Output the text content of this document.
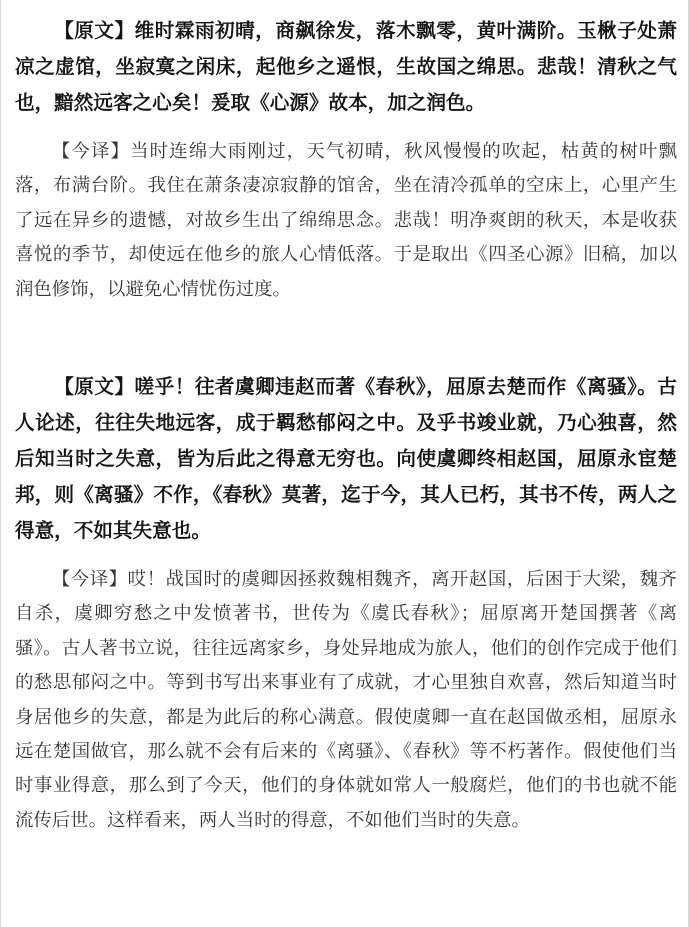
【原文】维时霖雨初晴，商飙徐发，落木飘零，黄叶满阶。玉楸子处萧凉之虚馆，坐寂寞之闲床，起他乡之遥恨，生故国之绵思。悲哉！清秋之气也，黯然远客之心矣！爰取《心源》故本，加之润色。

【今译】当时连绵大雨刚过，天气初晴，秋风慢慢的吹起，枯黄的树叶飘落，布满台阶。我住在萧条凄凉寂静的馆舍，坐在清冷孤单的空床上，心里产生了远在异乡的遗憾，对故乡生出了绵绵思念。悲哉！明净爽朗的秋天，本是收获喜悦的季节，却使远在他乡的旅人心情低落。于是取出《四圣心源》旧稿，加以润色修饰，以避免心情忧伤过度。

【原文】嗟乎！往者虞卿违赵而著《春秋》，屈原去楚而作《离骚》。古人论述，往往失地远客，成于羁愁郁闷之中。及乎书竣业就，乃心独喜，然后知当时之失意，皆为后此之得意无穷也。向使虞卿终相赵国，屈原永宦楚邦，则《离骚》不作，《春秋》莫著，迄于今，其人已朽，其书不传，两人之得意，不如其失意也。

【今译】哎！战国时的虞卿因拯救魏相魏齐，离开赵国，后困于大梁，魏齐自杀，虞卿穷愁之中发愤著书，世传为《虞氏春秋》；屈原离开楚国撰著《离骚》。古人著书立说，往往远离家乡，身处异地成为旅人，他们的创作完成于他们的愁思郁闷之中。等到书写出来事业有了成就，才心里独自欢喜，然后知道当时身居他乡的失意，都是为此后的称心满意。假使虞卿一直在赵国做丞相，屈原永远在楚国做官，那么就不会有后来的《离骚》、《春秋》等不朽著作。假使他们当时事业得意，那么到了今天，他们的身体就如常人一般腐烂，他们的书也就不能流传后世。这样看来，两人当时的得意，不如他们当时的失意。
